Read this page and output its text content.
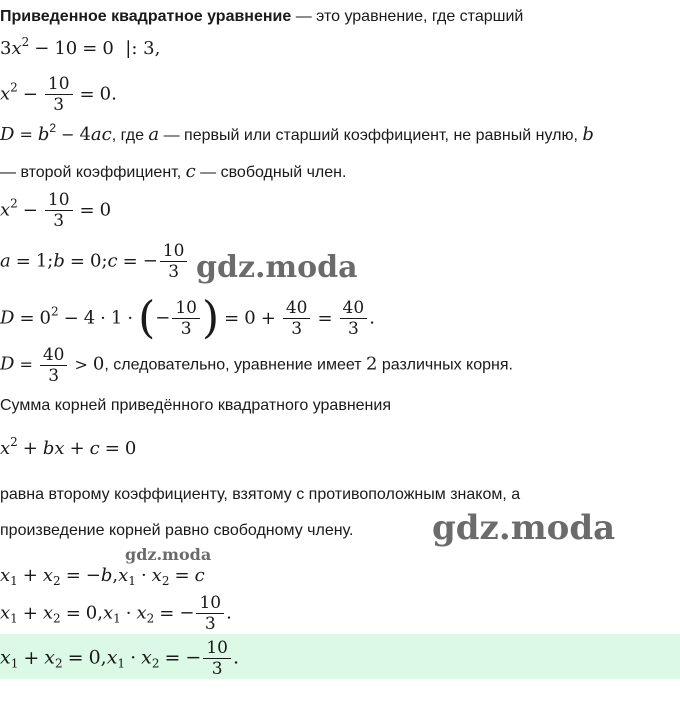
Приведенное квадратное уравнение — это уравнение, где старший
$3x^2 - 10 = 0$ |: 3,
$x^2 - \frac{10}{3} = 0$.
$D = b^2 - 4ac$, где a — первый или старший коэффициент, не равный нулю, b
— второй коэффициент, c — свободный член.
$x^2 - \frac{10}{3} = 0$
a = 1;b = 0;c = − $\frac{10}{3}$
$D = 0^2 - 4 \cdot 1$ · (− $\frac{10}{3}$ ) = $0 + \frac{40}{3} = \frac{40}{3}$ .
$D = \frac{40}{3} > 0$, следовательно, уравнение имеет 2 различных корня.
Сумма корней приведённого квадратного уравнения
$x^2$ + bx + c = 0
равна второму коэффициенту, взятому с противоположным знаком, а
произведение корней равно свободному члену.
$x_1 + x_2 = -b,x_1 \cdot x_2 = c$
$x_1 + x_2 = 0,x_1 \cdot x_2$ = − $\frac{10}{3}$ .
$x_1 + x_2 = 0,x_1 \cdot x_2$ = − $\frac{10}{3}$ .
gdz.moda
gdz.moda
gdz.moda
